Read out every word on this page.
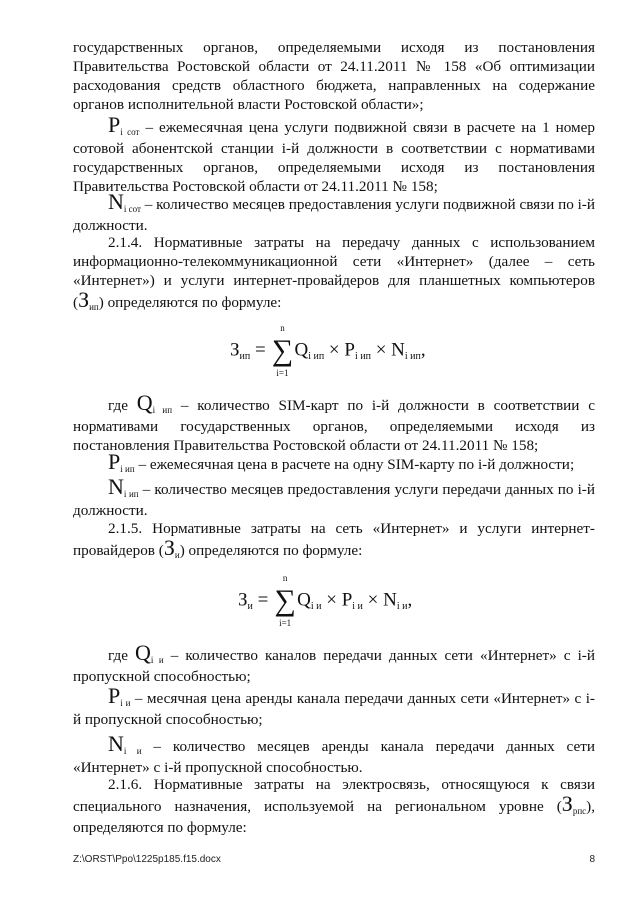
государственных органов, определяемыми исходя из постановления Правительства Ростовской области от 24.11.2011 № 158 «Об оптимизации расходования средств областного бюджета, направленных на содержание органов исполнительной власти Ростовской области»;
Pi сот – ежемесячная цена услуги подвижной связи в расчете на 1 номер сотовой абонентской станции i-й должности в соответствии с нормативами государственных органов, определяемыми исходя из постановления Правительства Ростовской области от 24.11.2011 № 158;
Ni сот – количество месяцев предоставления услуги подвижной связи по i-й должности.
2.1.4. Нормативные затраты на передачу данных с использованием информационно-телекоммуникационной сети «Интернет» (далее – сеть «Интернет») и услуги интернет-провайдеров для планшетных компьютеров (Зип) определяются по формуле:
$З_{ип}$ = ∑
n
i=1
$Q_{i ип} \times P_{i ип} \times N_{i ип}$,
где Qi ип – количество SIM-карт по i-й должности в соответствии с нормативами государственных органов, определяемыми исходя из постановления Правительства Ростовской области от 24.11.2011 № 158;
Pi ип – ежемесячная цена в расчете на одну SIM-карту по i-й должности;
Ni ип – количество месяцев предоставления услуги передачи данных по i-й должности.
2.1.5. Нормативные затраты на сеть «Интернет» и услуги интернет-провайдеров (Зи) определяются по формуле:
$З_и$ = ∑
n
i=1
$Q_{i и} \times P_{i и} \times N_{i и}$,
где Qi и – количество каналов передачи данных сети «Интернет» с i-й пропускной способностью;
Pi и – месячная цена аренды канала передачи данных сети «Интернет» с i-й пропускной способностью;
Ni и – количество месяцев аренды канала передачи данных сети «Интернет» с i-й пропускной способностью.
2.1.6. Нормативные затраты на электросвязь, относящуюся к связи специального назначения, используемой на региональном уровне (Зрпс), определяются по формуле:
Z:\ORST\Ppo\1225p185.f15.docx	8
